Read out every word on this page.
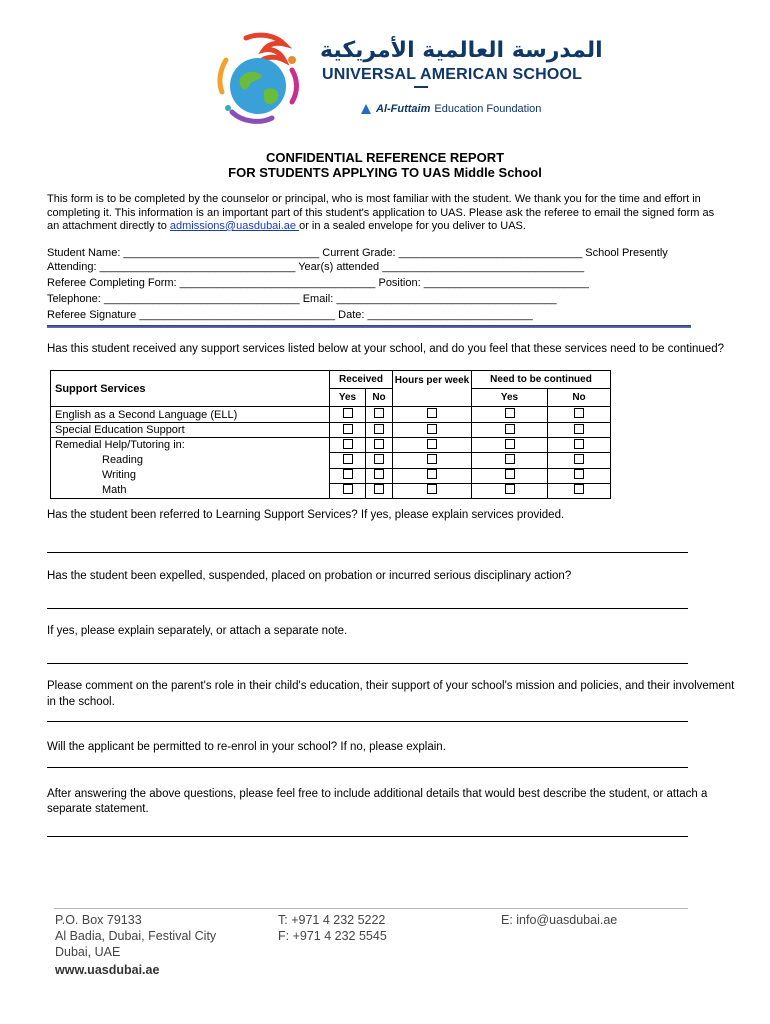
المدرسة العالمية الأمريكية
UNIVERSAL AMERICAN SCHOOL
Al-Futtaim Education Foundation
CONFIDENTIAL REFERENCE REPORT
FOR STUDENTS APPLYING TO UAS Middle School
This form is to be completed by the counselor or principal, who is most familiar with the student. We thank you for the time and effort in completing it. This information is an important part of this student's application to UAS. Please ask the referee to email the signed form as an attachment directly to admissions@uasdubai.ae or in a sealed envelope for you deliver to UAS.
Student Name: ________________________________ Current Grade: ______________________________ School Presently
Attending: ________________________________ Year(s) attended _________________________________
Referee Completing Form: ________________________________ Position: ___________________________
Telephone: ________________________________ Email: ____________________________________
Referee Signature ________________________________ Date: ___________________________
Has this student received any support services listed below at your school, and do you feel that these services need to be continued?
Support Services	Received		Hours per week	Need to be continued	
	Yes	No		Yes	No
English as a Second Language (ELL)					
Special Education Support					

Remedial Help/Tutoring in:
Reading
Writing
Math					

Has the student been referred to Learning Support Services? If yes, please explain services provided.
Has the student been expelled, suspended, placed on probation or incurred serious disciplinary action?
If yes, please explain separately, or attach a separate note.
Please comment on the parent's role in their child's education, their support of your school's mission and policies, and their involvement in the school.
Will the applicant be permitted to re-enrol in your school? If no, please explain.
After answering the above questions, please feel free to include additional details that would best describe the student, or attach a separate statement.
P.O. Box 79133
Al Badia, Dubai, Festival City
Dubai, UAE
T: +971 4 232 5222
F: +971 4 232 5545
E: info@uasdubai.ae
www.uasdubai.ae
